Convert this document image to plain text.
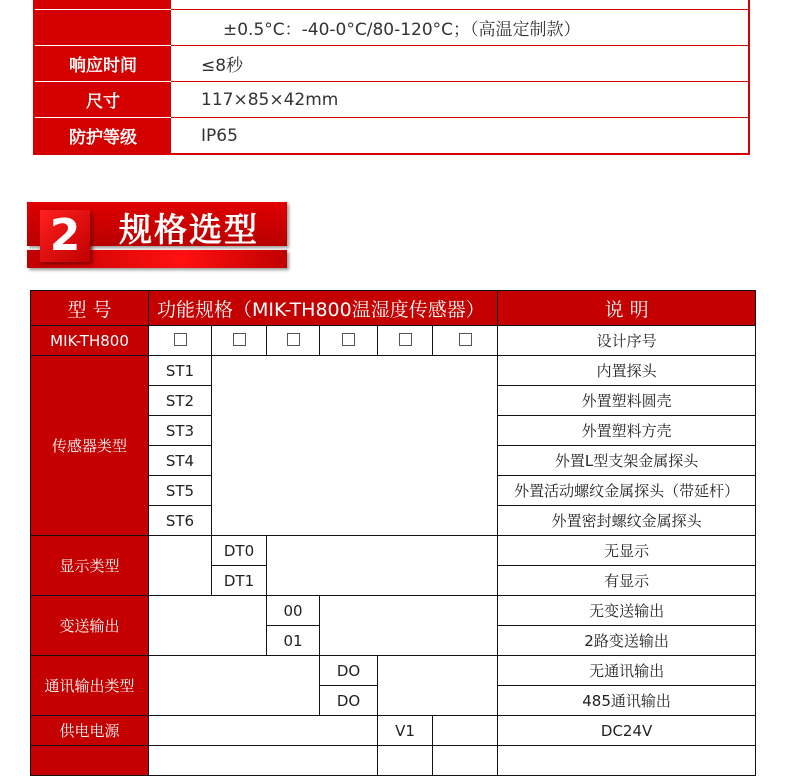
	±0.5°C：-40-0°C/80-120°C；（高温定制款）
响应时间	≤8秒
尺寸	117×85×42mm
防护等级	IP65
2 规格选型
型 号	功能规格（MIK-TH800温湿度传感器）						说 明
MIK-TH800							设计序号
传感器类型	ST1						内置探头
	ST2						外置塑料圆壳
	ST3						外置塑料方壳
	ST4						外置L型支架金属探头
	ST5						外置活动螺纹金属探头（带延杆）
	ST6						外置密封螺纹金属探头
显示类型		DT0					无显示
		DT1					有显示
变送输出			00				无变送输出
			01				2路变送输出
通讯输出类型				DO			无通讯输出
				DO			485通讯输出
供电电源					V1		DC24V
